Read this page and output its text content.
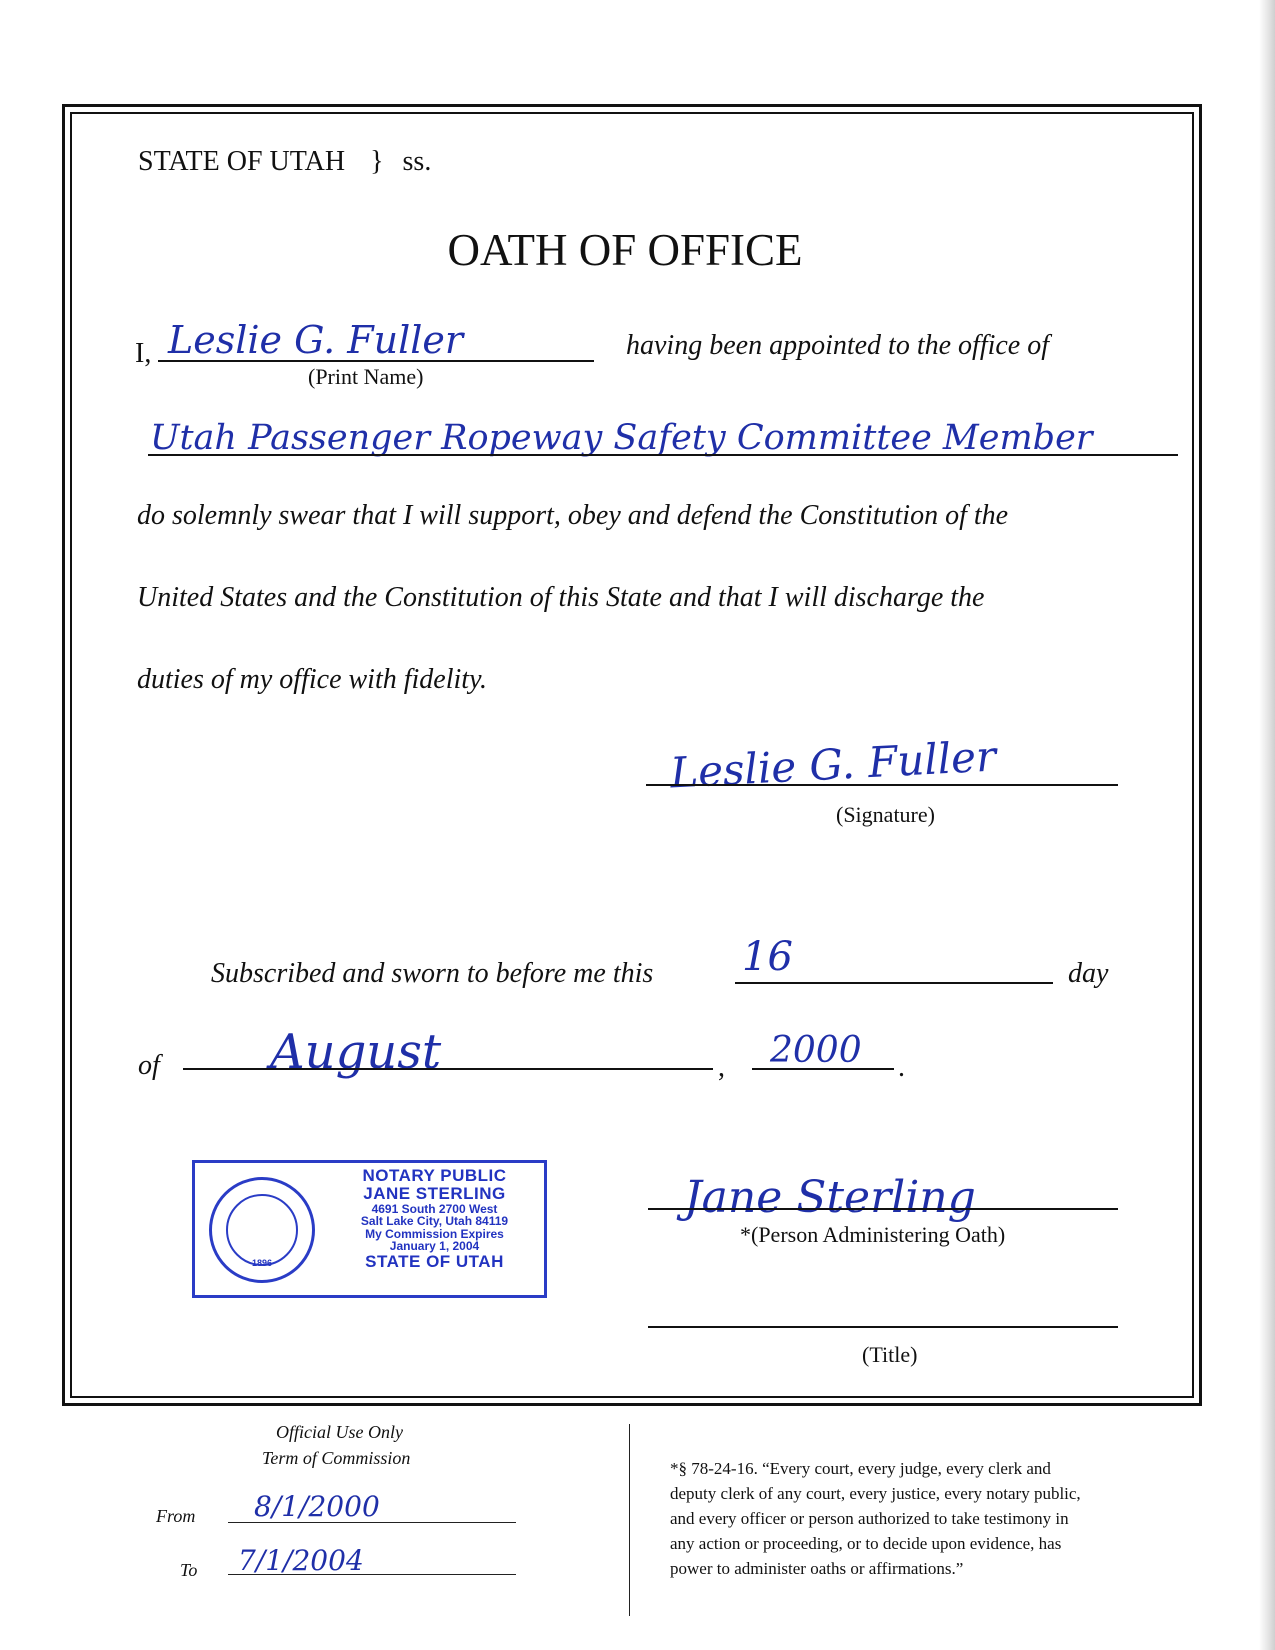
STATE OF UTAH } ss.
OATH OF OFFICE
I, Leslie G. Fuller
(Print Name)
having been appointed to the office of
Utah Passenger Ropeway Safety Committee Member
do solemnly swear that I will support, obey and defend the Constitution of the
United States and the Constitution of this State and that I will discharge the
duties of my office with fidelity.
Leslie G. Fuller
(Signature)
Subscribed and sworn to before me this 16	day
of August	, 2000 .
1896
NOTARY PUBLIC
JANE STERLING
4691 South 2700 West
Salt Lake City, Utah 84119
My Commission Expires
January 1, 2004
STATE OF UTAH
Jane Sterling
*(Person Administering Oath)
(Title)
Official Use Only
Term of Commission
From 8/1/2000
To 7/1/2004
*§ 78-24-16. “Every court, every judge, every clerk and
deputy clerk of any court, every justice, every notary public,
and every officer or person authorized to take testimony in
any action or proceeding, or to decide upon evidence, has
power to administer oaths or affirmations.”
